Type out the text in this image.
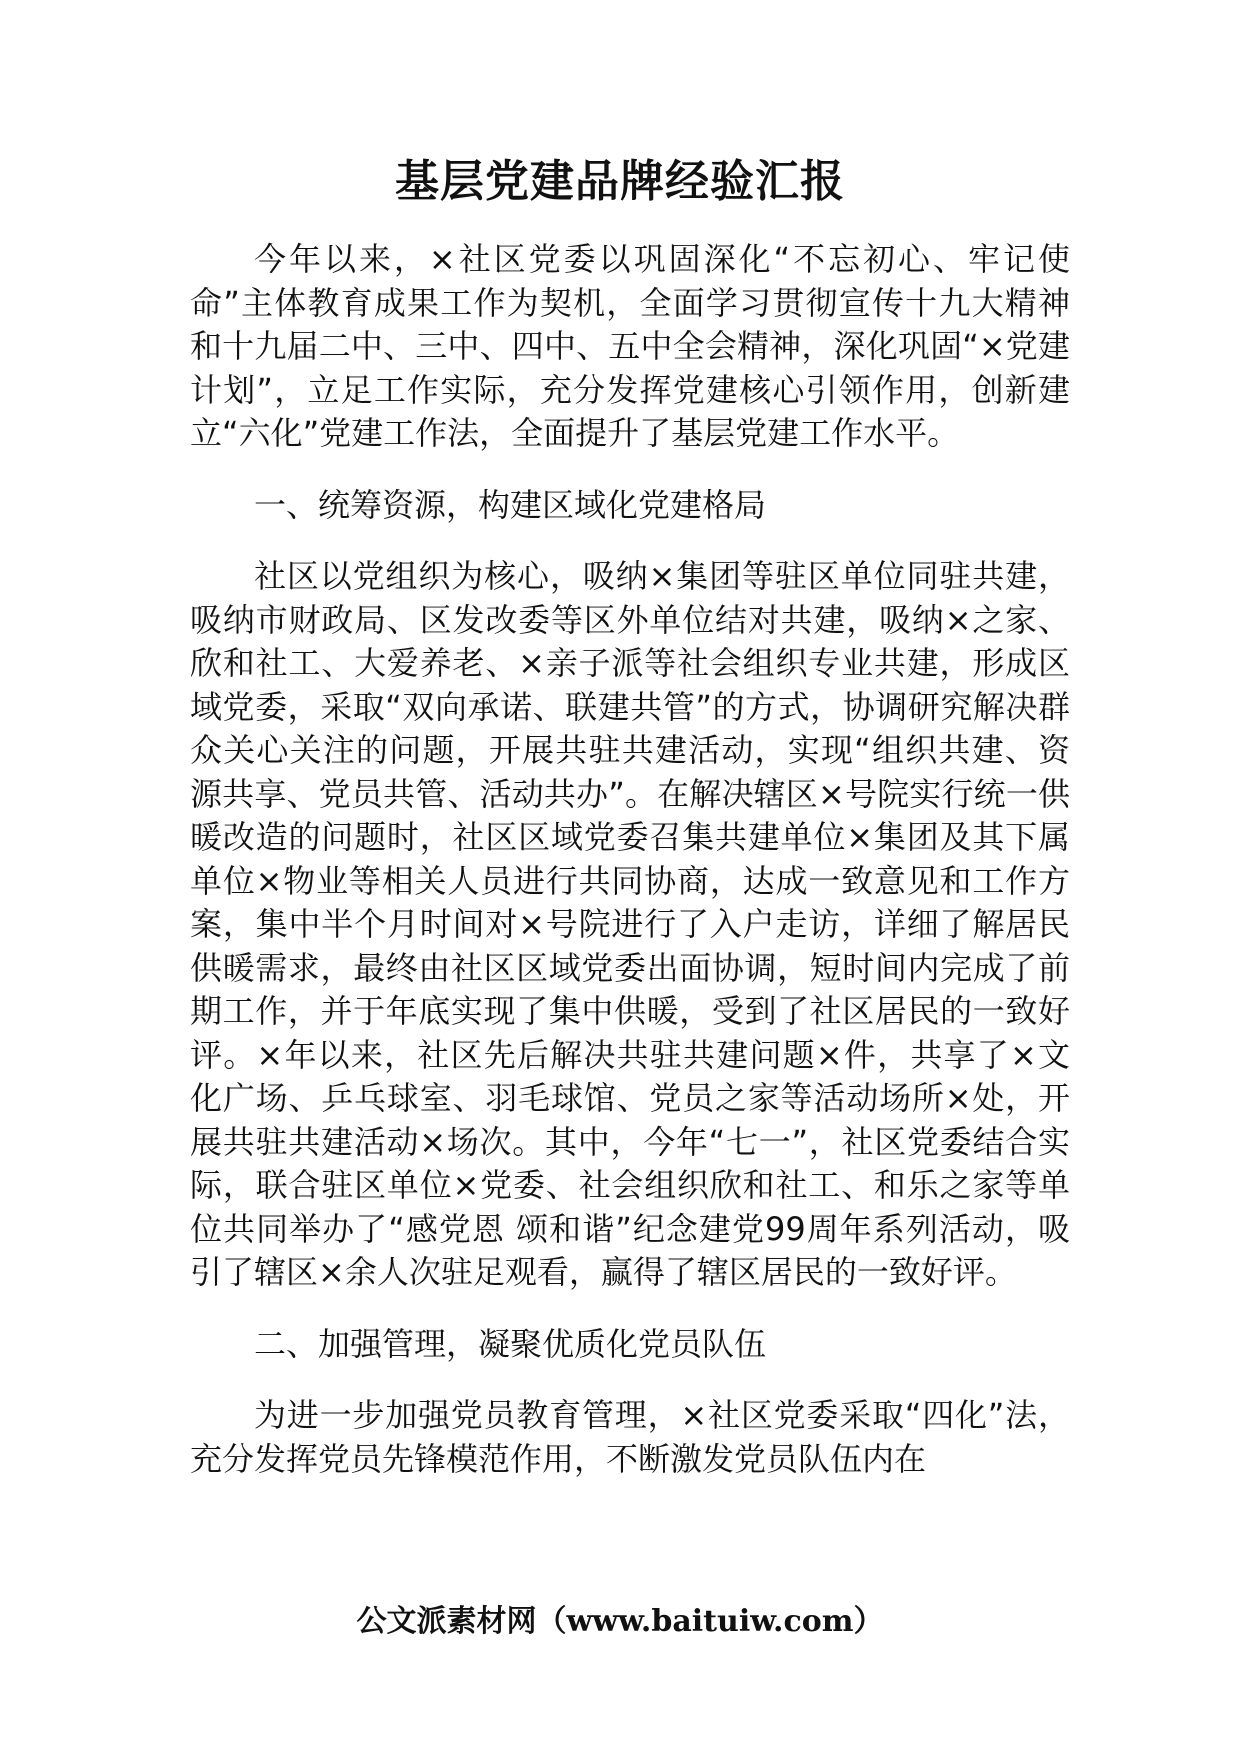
基层党建品牌经验汇报

今年以来，×社区党委以巩固深化“不忘初心、牢记使命”主体教育成果工作为契机，全面学习贯彻宣传十九大精神和十九届二中、三中、四中、五中全会精神，深化巩固“×党建计划”，立足工作实际，充分发挥党建核心引领作用，创新建立“六化”党建工作法，全面提升了基层党建工作水平。

一、统筹资源，构建区域化党建格局

社区以党组织为核心，吸纳×集团等驻区单位同驻共建，吸纳市财政局、区发改委等区外单位结对共建，吸纳×之家、欣和社工、大爱养老、×亲子派等社会组织专业共建，形成区域党委，采取“双向承诺、联建共管”的方式，协调研究解决群众关心关注的问题，开展共驻共建活动，实现“组织共建、资源共享、党员共管、活动共办”。在解决辖区×号院实行统一供暖改造的问题时，社区区域党委召集共建单位×集团及其下属单位×物业等相关人员进行共同协商，达成一致意见和工作方案，集中半个月时间对×号院进行了入户走访，详细了解居民供暖需求，最终由社区区域党委出面协调，短时间内完成了前期工作，并于年底实现了集中供暖，受到了社区居民的一致好评。×年以来，社区先后解决共驻共建问题×件，共享了×文化广场、乒乓球室、羽毛球馆、党员之家等活动场所×处，开展共驻共建活动×场次。其中，今年“七一”，社区党委结合实际，联合驻区单位×党委、社会组织欣和社工、和乐之家等单位共同举办了“感党恩 颂和谐”纪念建党99周年系列活动，吸引了辖区×余人次驻足观看，赢得了辖区居民的一致好评。

二、加强管理，凝聚优质化党员队伍

为进一步加强党员教育管理，×社区党委采取“四化”法，充分发挥党员先锋模范作用，不断激发党员队伍内在

公文派素材网（www.baituiw.com）
